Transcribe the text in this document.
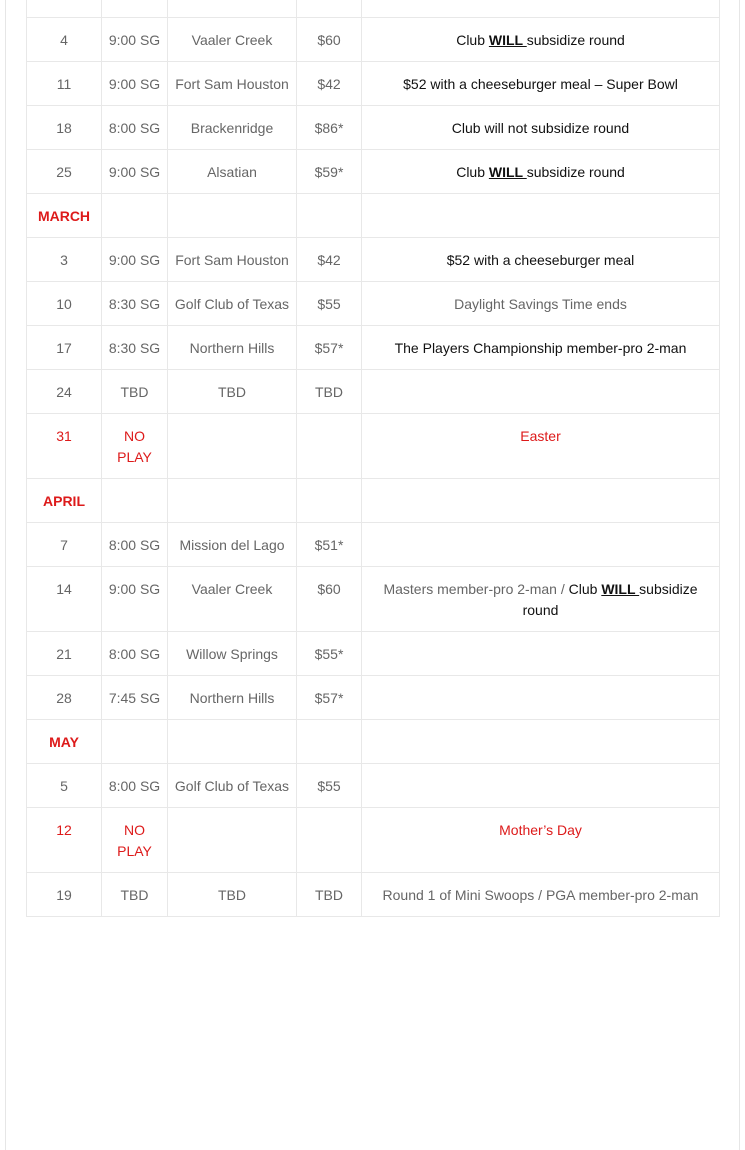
4	9:00 SG	Vaaler Creek	$60	Club WILL subsidize round
11	9:00 SG	Fort Sam Houston	$42	$52 with a cheeseburger meal – Super Bowl
18	8:00 SG	Brackenridge	$86*	Club will not subsidize round
25	9:00 SG	Alsatian	$59*	Club WILL subsidize round
MARCH				
3	9:00 SG	Fort Sam Houston	$42	$52 with a cheeseburger meal
10	8:30 SG	Golf Club of Texas	$55	Daylight Savings Time ends
17	8:30 SG	Northern Hills	$57*	The Players Championship member-pro 2-man
24	TBD	TBD	TBD	
31	NO PLAY			Easter
APRIL				
7	8:00 SG	Mission del Lago	$51*	
14	9:00 SG	Vaaler Creek	$60	Masters member-pro 2-man / Club WILL subsidize round
21	8:00 SG	Willow Springs	$55*	
28	7:45 SG	Northern Hills	$57*	
MAY				
5	8:00 SG	Golf Club of Texas	$55	
12	NO PLAY			Mother’s Day
19	TBD	TBD	TBD	Round 1 of Mini Swoops / PGA member-pro 2-man
